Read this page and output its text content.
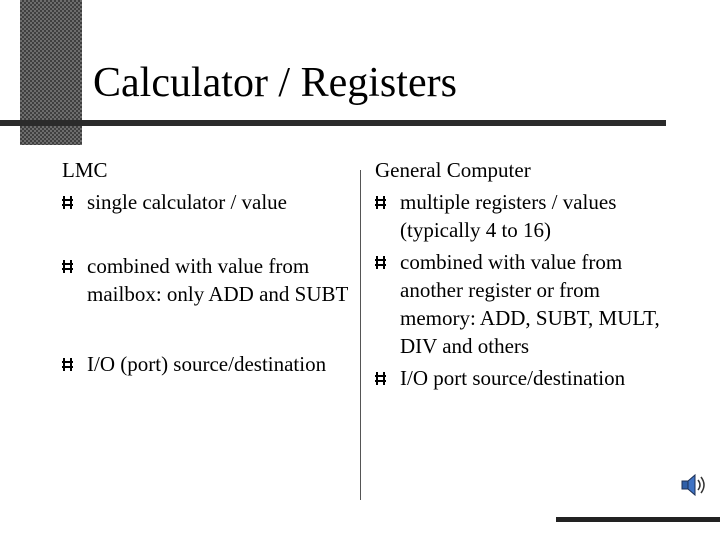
Calculator / Registers
LMC
single calculator / value
combined with value from mailbox: only ADD and SUBT
I/O (port) source/destination
General Computer
multiple registers / values (typically 4 to 16)
combined with value from another register or from memory: ADD, SUBT, MULT, DIV and others
I/O port source/destination
